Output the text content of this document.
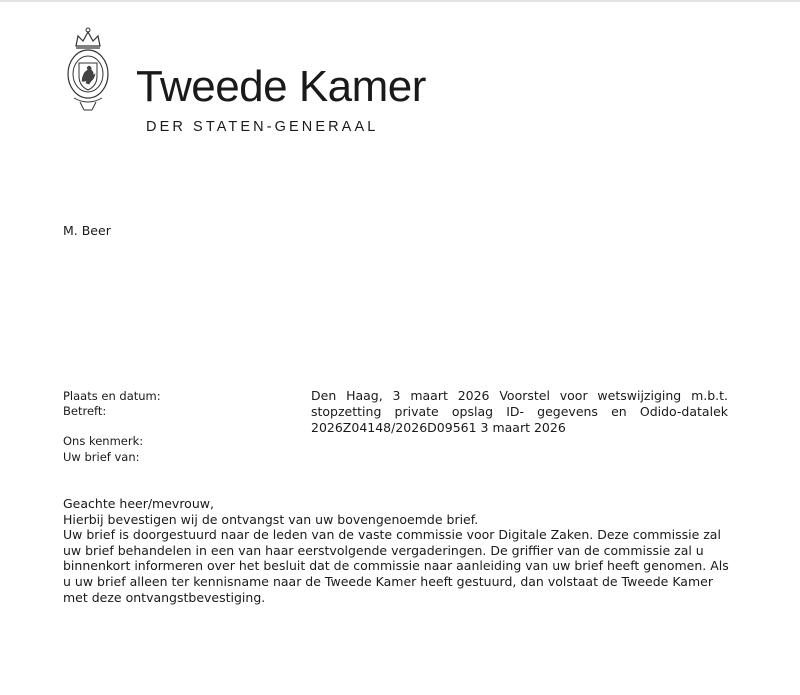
Tweede Kamer
DER STATEN-GENERAAL
M. Beer
Plaats en datum:
Betreft:
Ons kenmerk:
Uw brief van:
Den Haag, 3 maart 2026 Voorstel voor wetswijziging m.b.t. stopzetting private opslag ID- gegevens en Odido-datalek 2026Z04148/2026D09561 3 maart 2026

Geachte heer/mevrouw,

Hierbij bevestigen wij de ontvangst van uw bovengenoemde brief.

Uw brief is doorgestuurd naar de leden van de vaste commissie voor Digitale Zaken. Deze commissie zal uw brief behandelen in een van haar eerstvolgende vergaderingen. De griffier van de commissie zal u binnenkort informeren over het besluit dat de commissie naar aanleiding van uw brief heeft genomen. Als u uw brief alleen ter kennisname naar de Tweede Kamer heeft gestuurd, dan volstaat de Tweede Kamer met deze ontvangstbevestiging.
